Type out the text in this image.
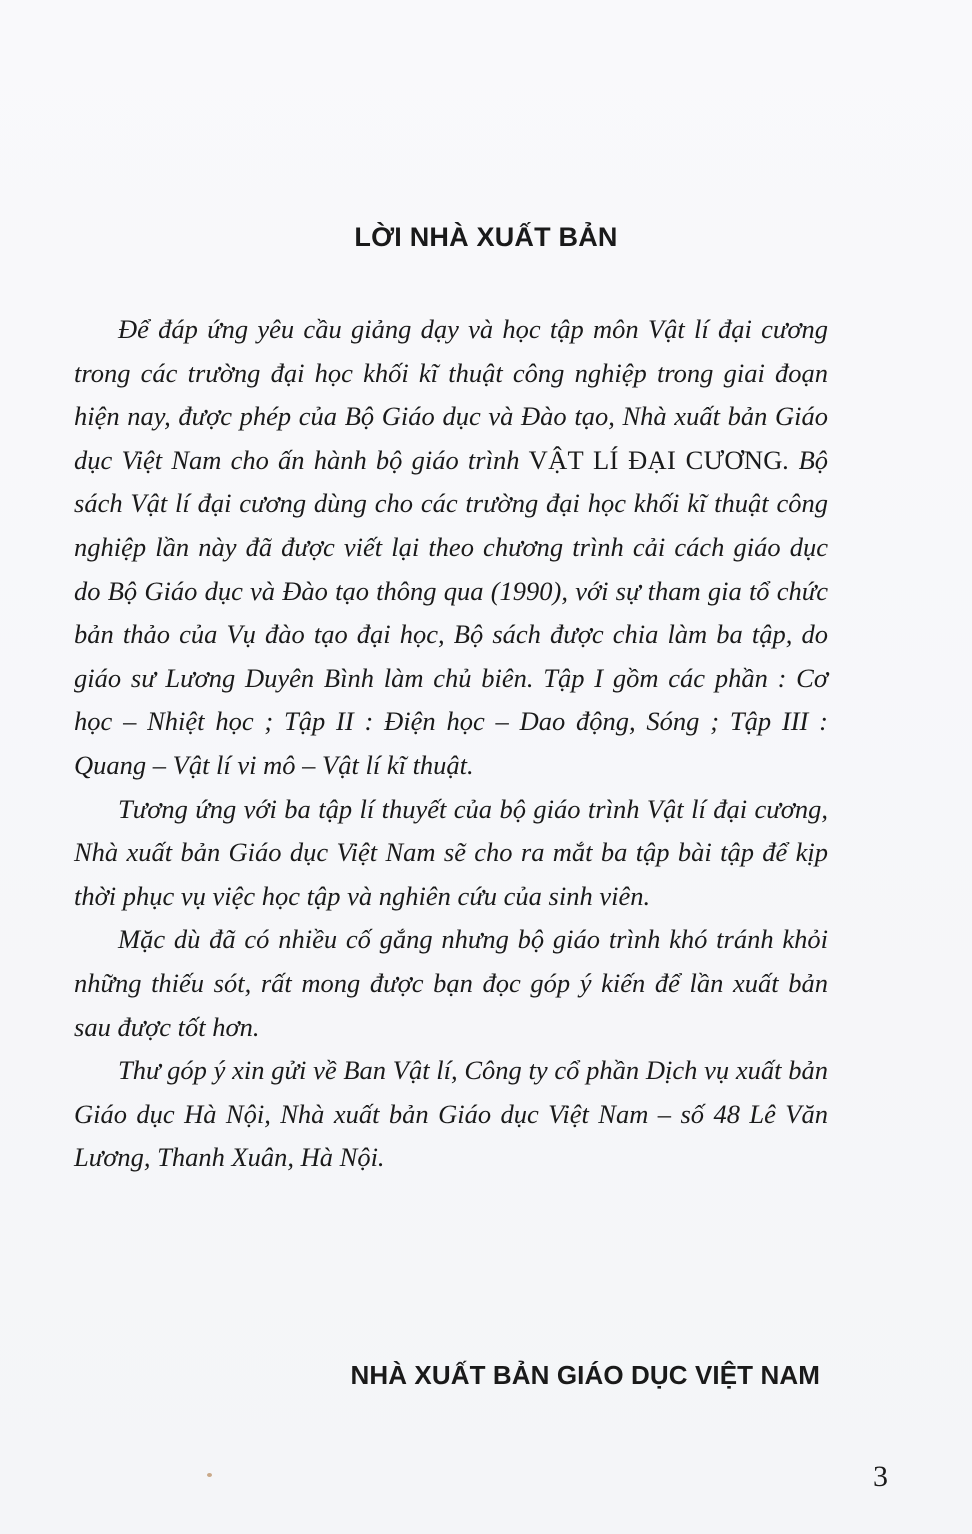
LỜI NHÀ XUẤT BẢN

Để đáp ứng yêu cầu giảng dạy và học tập môn Vật lí đại cương trong các trường đại học khối kĩ thuật công nghiệp trong giai đoạn hiện nay, được phép của Bộ Giáo dục và Đào tạo, Nhà xuất bản Giáo dục Việt Nam cho ấn hành bộ giáo trình VẬT LÍ ĐẠI CƯƠNG. Bộ sách Vật lí đại cương dùng cho các trường đại học khối kĩ thuật công nghiệp lần này đã được viết lại theo chương trình cải cách giáo dục do Bộ Giáo dục và Đào tạo thông qua (1990), với sự tham gia tổ chức bản thảo của Vụ đào tạo đại học, Bộ sách được chia làm ba tập, do giáo sư Lương Duyên Bình làm chủ biên. Tập I gồm các phần : Cơ học – Nhiệt học ; Tập II : Điện học – Dao động, Sóng ; Tập III : Quang – Vật lí vi mô – Vật lí kĩ thuật.

Tương ứng với ba tập lí thuyết của bộ giáo trình Vật lí đại cương, Nhà xuất bản Giáo dục Việt Nam sẽ cho ra mắt ba tập bài tập để kịp thời phục vụ việc học tập và nghiên cứu của sinh viên.

Mặc dù đã có nhiều cố gắng nhưng bộ giáo trình khó tránh khỏi những thiếu sót, rất mong được bạn đọc góp ý kiến để lần xuất bản sau được tốt hơn.

Thư góp ý xin gửi về Ban Vật lí, Công ty cổ phần Dịch vụ xuất bản Giáo dục Hà Nội, Nhà xuất bản Giáo dục Việt Nam – số 48 Lê Văn Lương, Thanh Xuân, Hà Nội.

NHÀ XUẤT BẢN GIÁO DỤC VIỆT NAM
3
